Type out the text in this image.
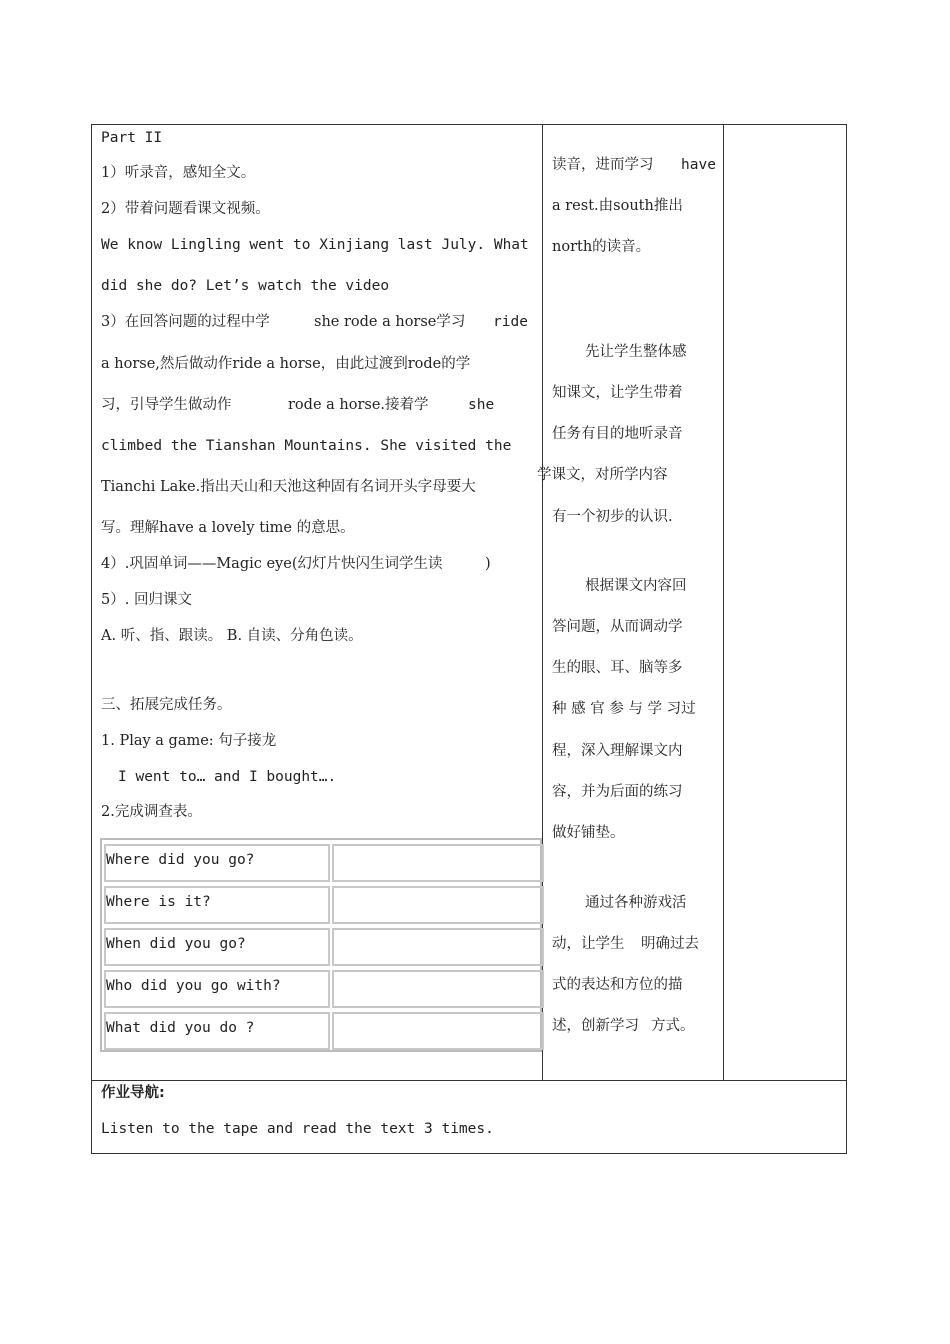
Part II
1）听录音，感知全文。
2）带着问题看课文视频。
We know Lingling went to Xinjiang last July. What
did she do? Let’s watch the video
3）在回答问题的过程中学	she rode a horse学习 ride
a horse,然后做动作ride a horse，由此过渡到rode的学
习，引导学生做动作	rode a horse.接着学	she
climbed the Tianshan Mountains. She visited the
Tianchi Lake.指出天山和天池这种固有名词开头字母要大
写。理解have a lovely time 的意思。
4）.巩固单词——Magic eye(幻灯片快闪生词学生读	)
5）. 回归课文
A. 听、指、跟读。 B. 自读、分角色读。
三、拓展完成任务。
1. Play a game: 句子接龙
I went to… and I bought….
2.完成调查表。
Where did you go?
Where is it?
When did you go?
Who did you go with?
What did you do ?
读音，进而学习 have
a rest.由south推出
north的读音。
先让学生整体感
知课文，让学生带着
任务有目的地听录音
学课文，对所学内容
有一个初步的认识.
根据课文内容回
答问题，从而调动学
生的眼、耳、脑等多
种 感 官 参 与 学 习过
程，深入理解课文内
容，并为后面的练习
做好铺垫。
通过各种游戏活
动，让学生 明确过去
式的表达和方位的描
述，创新学习 方式。
作业导航:
Listen to the tape and read the text 3 times.
